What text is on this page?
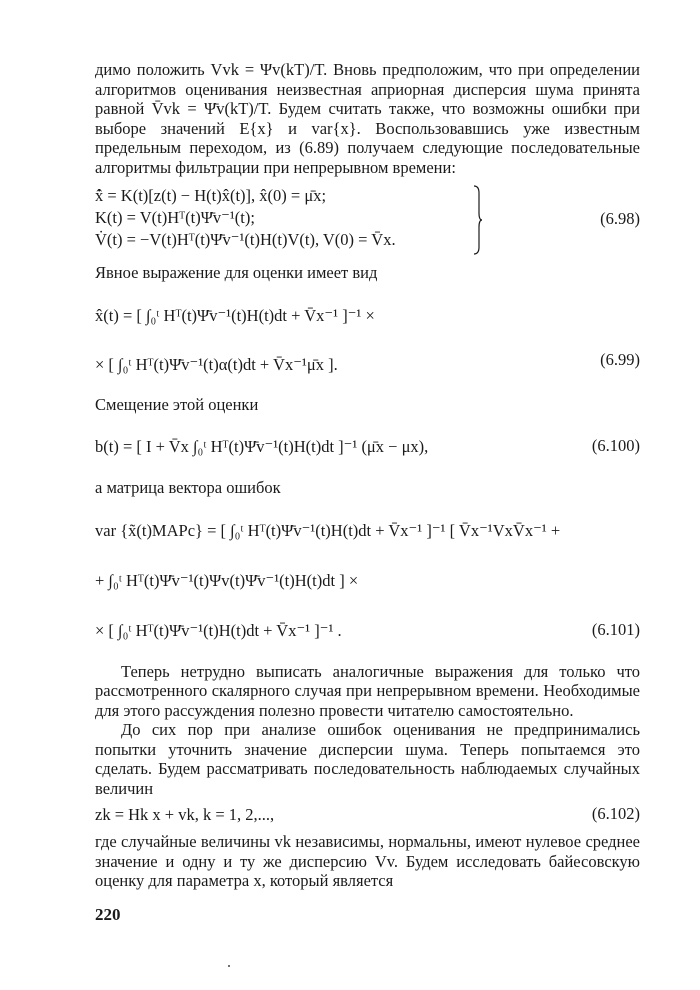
димо положить Vvk = Ψv(kT)/T. Вновь предположим, что при определении алгоритмов оценивания неизвестная априорная дисперсия шума принята равной V̄vk = Ψ̄v(kT)/T. Будем считать также, что возможны ошибки при выборе значений E{x} и var{x}. Воспользовавшись уже известным предельным переходом, из (6.89) получаем следующие последовательные алгоритмы фильтрации при непрерывном времени:

x̂̇ = K(t)[z(t) − H(t)x̂(t)], x̂(0) = μ̄x;
K(t) = V(t)Hᵀ(t)Ψ̄v⁻¹(t);
V̇(t) = −V(t)Hᵀ(t)Ψ̄v⁻¹(t)H(t)V(t), V(0) = V̄x.
(6.98)

Явное выражение для оценки имеет вид

x̂(t) = [ ∫₀ᵗ Hᵀ(t)Ψ̄v⁻¹(t)H(t)dt + V̄x⁻¹ ]⁻¹ ×
× [ ∫₀ᵗ Hᵀ(t)Ψ̄v⁻¹(t)α(t)dt + V̄x⁻¹μ̄x ].	(6.99)

Смещение этой оценки

b(t) = [ I + V̄x ∫₀ᵗ Hᵀ(t)Ψ̄v⁻¹(t)H(t)dt ]⁻¹ (μ̄x − μx),	(6.100)

а матрица вектора ошибок

var {x̃(t)MAPc} = [ ∫₀ᵗ Hᵀ(t)Ψ̄v⁻¹(t)H(t)dt + V̄x⁻¹ ]⁻¹ [ V̄x⁻¹VxV̄x⁻¹ +
+ ∫₀ᵗ Hᵀ(t)Ψ̄v⁻¹(t)Ψv(t)Ψ̄v⁻¹(t)H(t)dt ] ×
× [ ∫₀ᵗ Hᵀ(t)Ψ̄v⁻¹(t)H(t)dt + V̄x⁻¹ ]⁻¹ .	(6.101)

Теперь нетрудно выписать аналогичные выражения для только что рассмотренного скалярного случая при непрерывном времени. Необходимые для этого рассуждения полезно провести читателю самостоятельно.

До сих пор при анализе ошибок оценивания не предпринимались попытки уточнить значение дисперсии шума. Теперь попытаемся это сделать. Будем рассматривать последовательность наблюдаемых случайных величин

zk = Hk x + vk, k = 1, 2,...,	(6.102)

где случайные величины vk независимы, нормальны, имеют нулевое среднее значение и одну и ту же дисперсию Vv. Будем исследовать байесовскую оценку для параметра x, который является

220
